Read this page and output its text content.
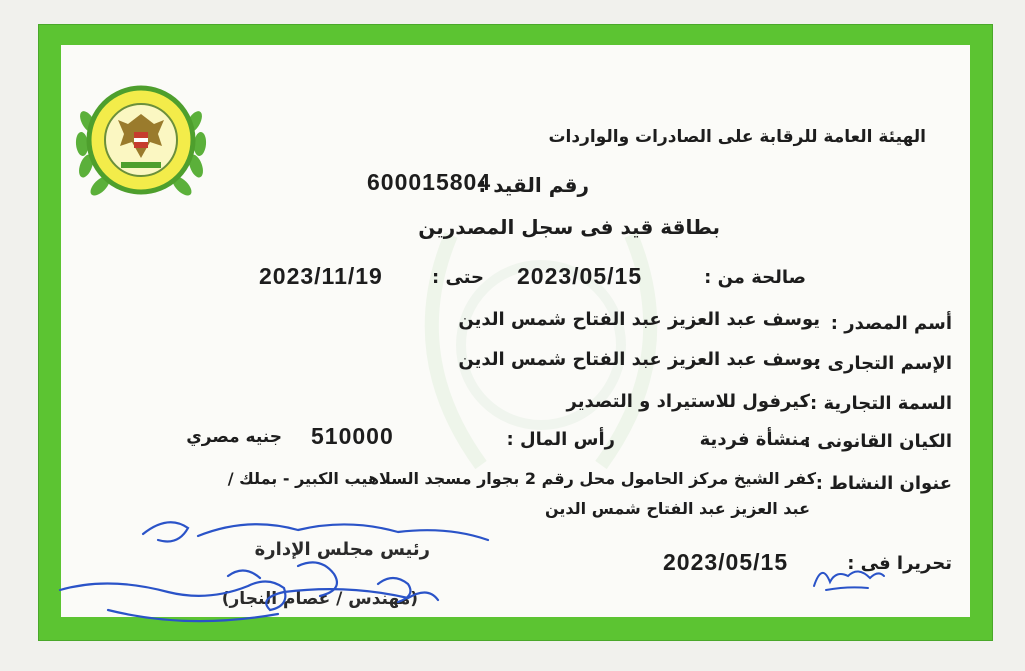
الهيئة العامة للرقابة على الصادرات والواردات
رقم القيد :
600015804
بطاقة قيد فى سجل المصدرين
صالحة من :
2023/05/15
حتى :
2023/11/19
أسم المصدر :
يوسف عبد العزيز عبد الفتاح شمس الدين
الإسم التجارى :
يوسف عبد العزيز عبد الفتاح شمس الدين
السمة التجارية :
كيرفول للاستيراد و التصدير
الكيان القانونى :
منشأة فردية
رأس المال :
510000
جنيه مصري
عنوان النشاط :
كفر الشيخ مركز الحامول محل رقم 2 بجوار مسجد السلاهيب الكبير - بملك /
عبد العزيز عبد الفتاح شمس الدين
تحريرا فى :
2023/05/15
رئيس مجلس الإدارة
(مهندس / عصام النجار)
